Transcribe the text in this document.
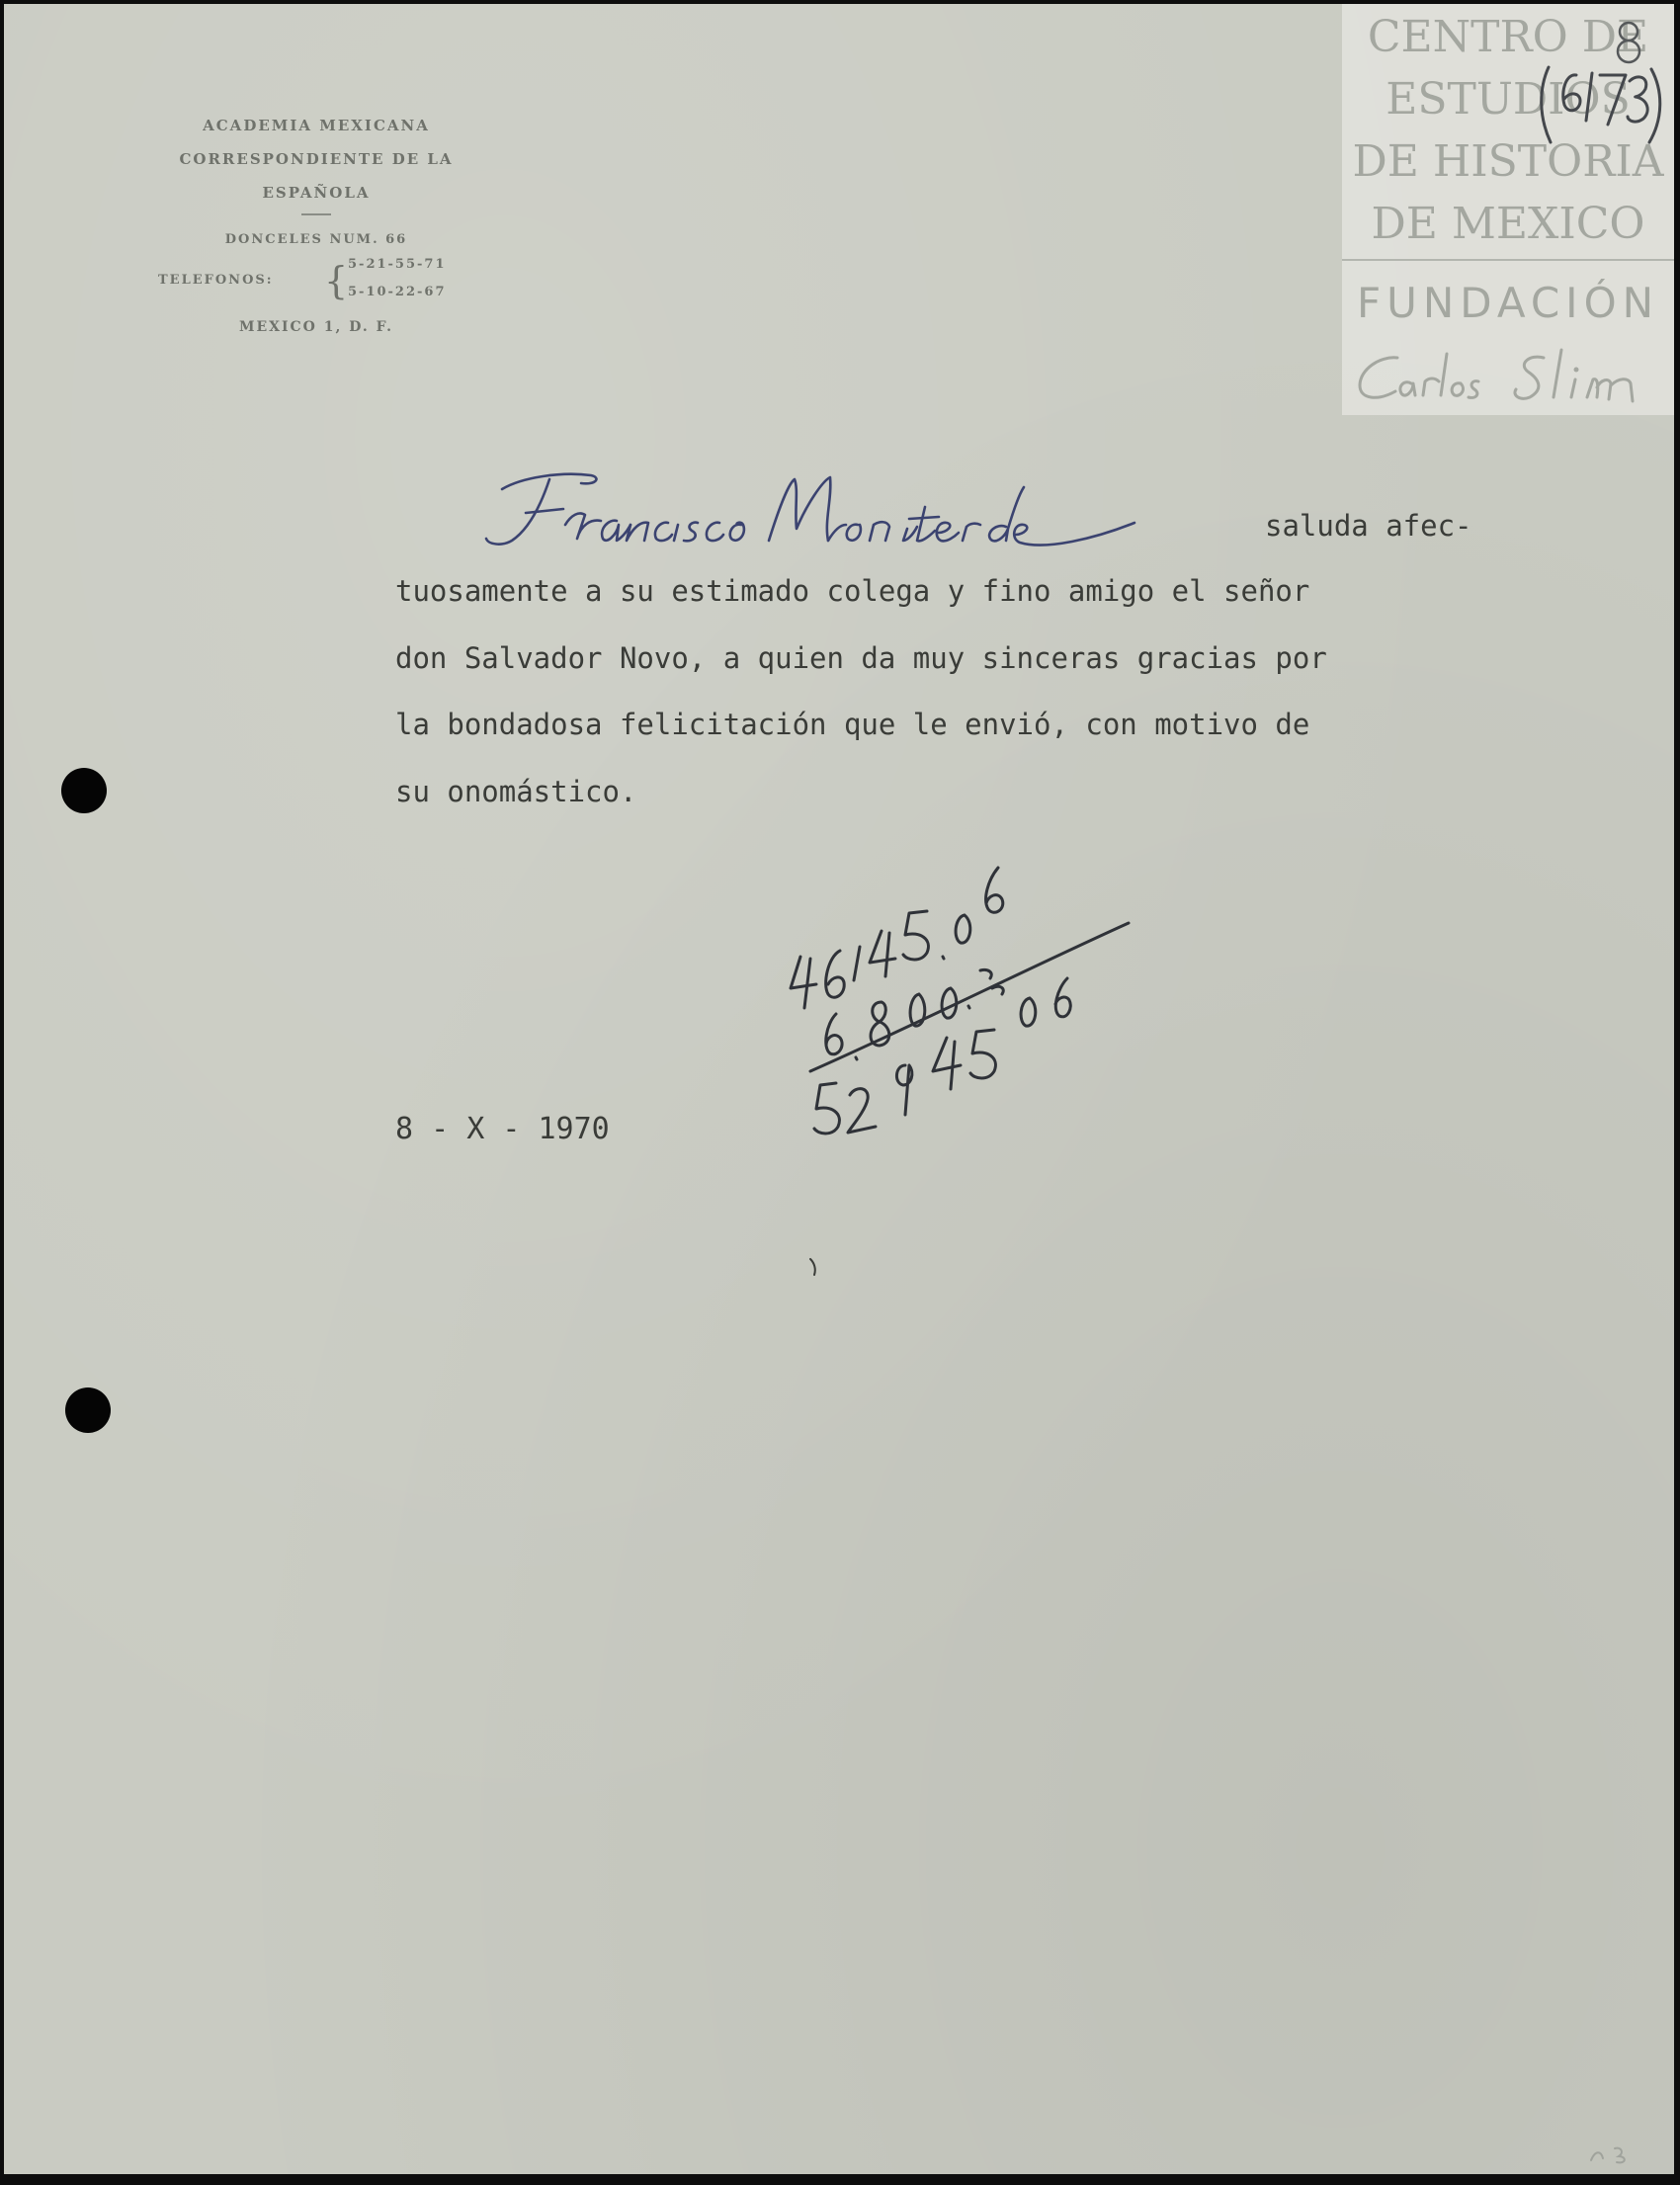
ACADEMIA MEXICANA
CORRESPONDIENTE DE LA
ESPAÑOLA
DONCELES NUM. 66
TELEFONOS: {
5-21-55-71
5-10-22-67
MEXICO 1, D. F.
CENTRO DE
ESTUDIOS
DE HISTORIA
DE MEXICO
FUNDACIÓN
saluda afec-
tuosamente a su estimado colega y fino amigo el señor
don Salvador Novo, a quien da muy sinceras gracias por
la bondadosa felicitación que le envió, con motivo de
su onomástico.
8 - X - 1970
